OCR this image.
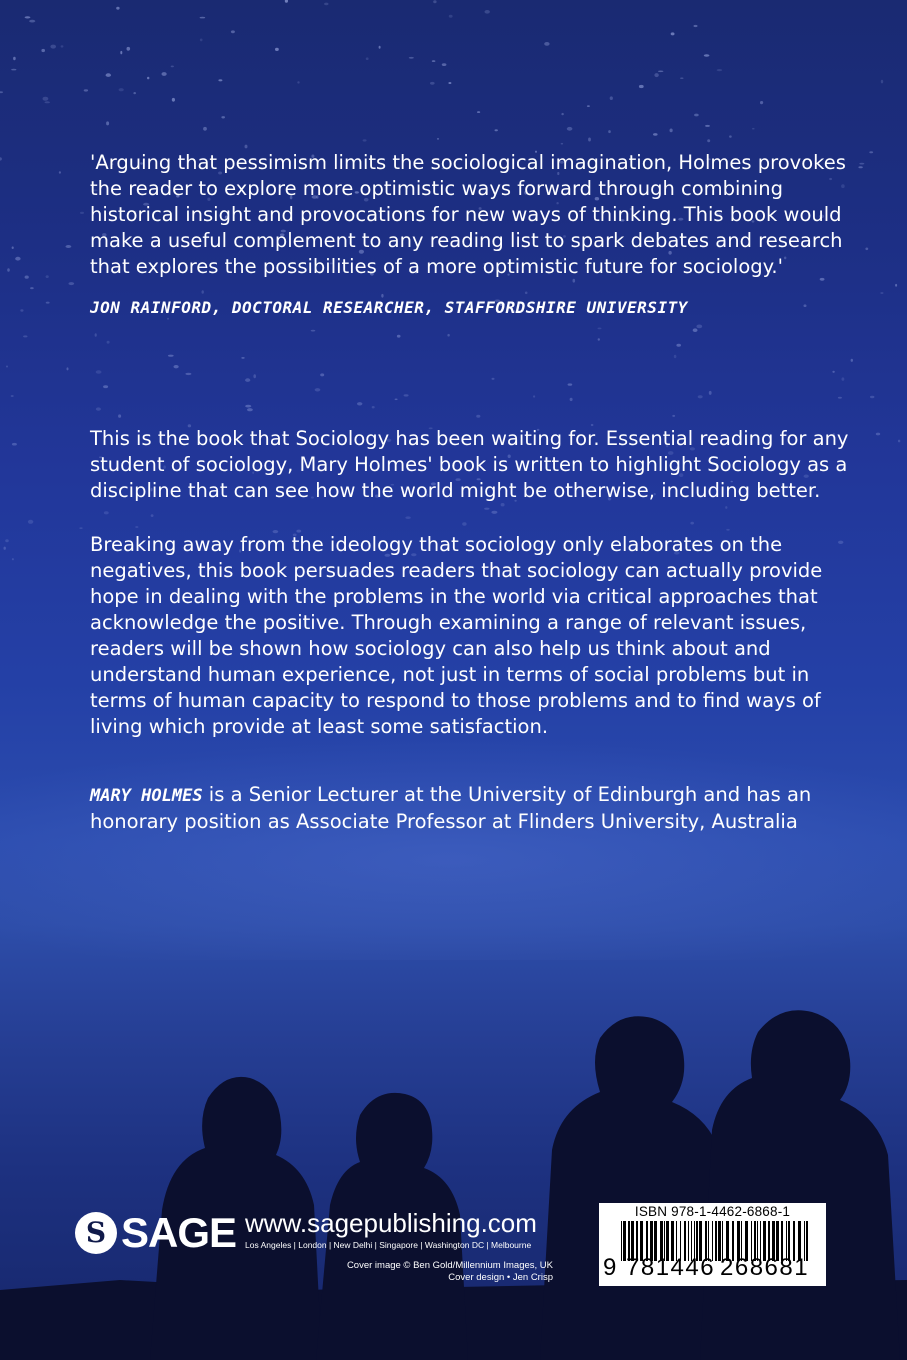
'Arguing that pessimism limits the sociological imagination, Holmes provokes the reader to explore more optimistic ways forward through combining historical insight and provocations for new ways of thinking. This book would make a useful complement to any reading list to spark debates and research that explores the possibilities of a more optimistic future for sociology.'

JON RAINFORD, DOCTORAL RESEARCHER, STAFFORDSHIRE UNIVERSITY

This is the book that Sociology has been waiting for. Essential reading for any student of sociology, Mary Holmes' book is written to highlight Sociology as a discipline that can see how the world might be otherwise, including better.

Breaking away from the ideology that sociology only elaborates on the negatives, this book persuades readers that sociology can actually provide hope in dealing with the problems in the world via critical approaches that acknowledge the positive. Through examining a range of relevant issues, readers will be shown how sociology can also help us think about and understand human experience, not just in terms of social problems but in terms of human capacity to respond to those problems and to find ways of living which provide at least some satisfaction.

MARY HOLMES is a Senior Lecturer at the University of Edinburgh and has an honorary position as Associate Professor at Flinders University, Australia

S SAGE www.sagepublishing.com
Los Angeles | London | New Delhi | Singapore | Washington DC | Melbourne
Cover image © Ben Gold/Millennium Images, UK
Cover design • Jen Crisp
ISBN 978-1-4462-6868-1
9 781446 268681
